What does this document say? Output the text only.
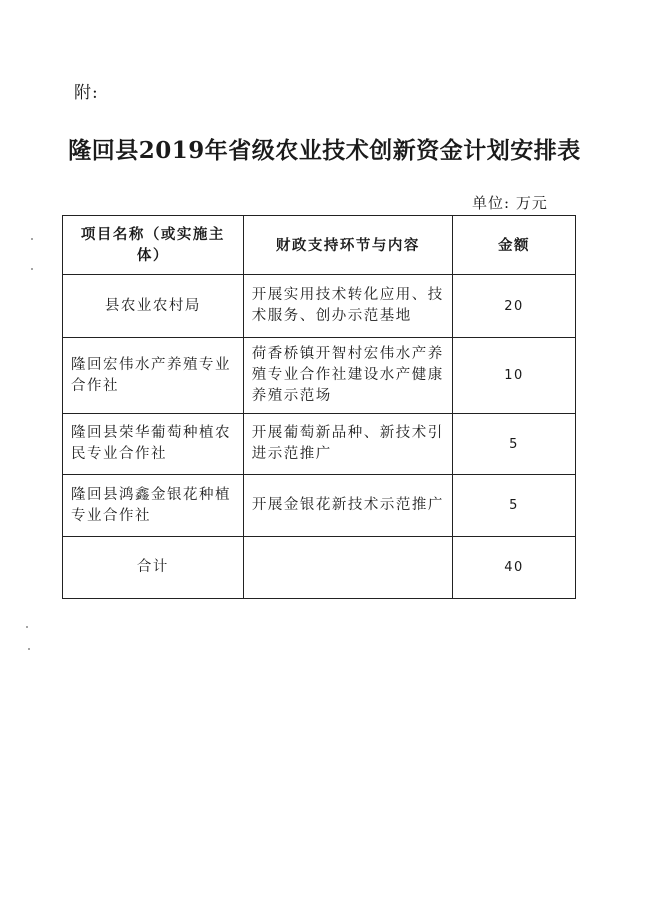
附:
隆回县2019年省级农业技术创新资金计划安排表
单位: 万元
项目名称（或实施主体）	财政支持环节与内容	金额
县农业农村局	开展实用技术转化应用、技术服务、创办示范基地	20
隆回宏伟水产养殖专业合作社	荷香桥镇开智村宏伟水产养殖专业合作社建设水产健康养殖示范场	10
隆回县荣华葡萄种植农民专业合作社	开展葡萄新品种、新技术引进示范推广	5
隆回县鸿鑫金银花种植专业合作社	开展金银花新技术示范推广	5
合计		40
